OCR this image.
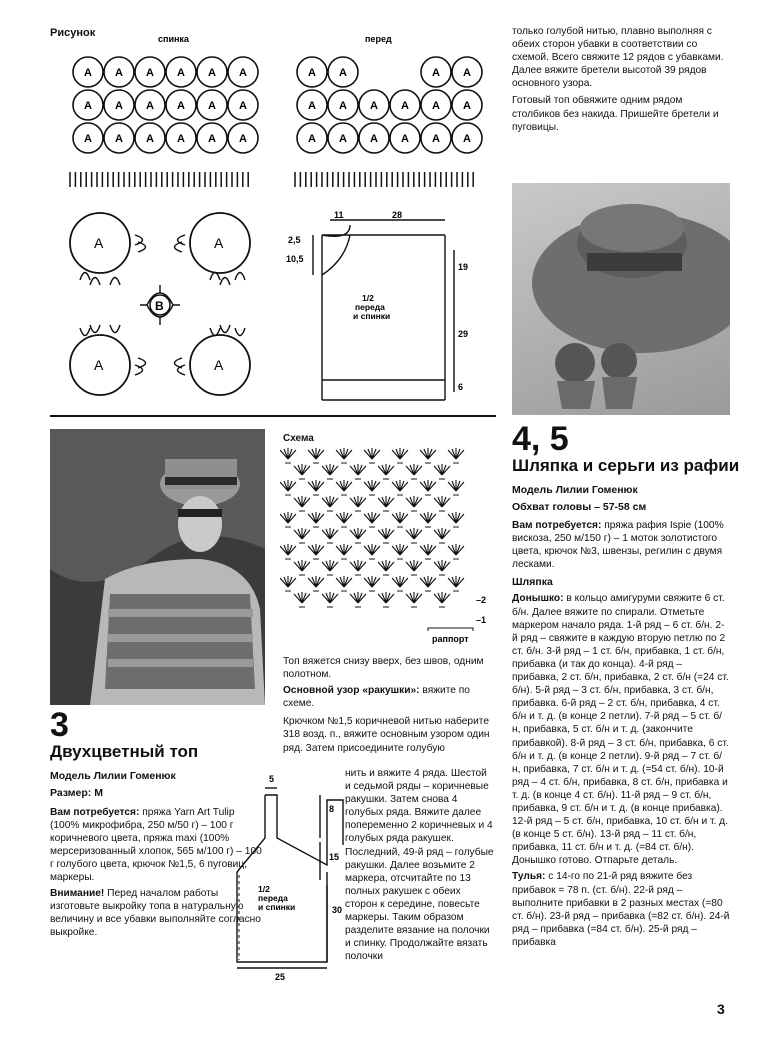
Рисунок	спинка	перед
A A A A A A
A A A A A A
A A A A A A
A A	A A
A A A A A A
A A A A A A
A	A
A	A
B
11	28
2,5
10,5
19
29
6
1/2 переда и спинки

только голубой нитью, плавно выполняя с обеих сторон убавки в соответствии со схемой. Всего свяжите 12 рядов с убавками. Далее вяжите бретели высотой 39 рядов основного узора.

Готовый топ обвяжите одним рядом столбиков без накида. Пришейте бретели и пуговицы.

3
Двухцветный топ
Модель Лилии Гоменюк
Размер: М

Вам потребуется: пряжа Yarn Art Tulip (100% микрофибра, 250 м/50 г) – 100 г коричневого цвета, пряжа maxi (100% мерсеризованный хлопок, 565 м/100 г) – 100 г голубого цвета, крючок №1,5, 6 пуговиц, маркеры.

Внимание! Перед началом работы изготовьте выкройку топа в натуральную величину и все убавки выполняйте согласно выкройке.

Схема
–2
–1
раппорт

Топ вяжется снизу вверх, без швов, одним полотном.

Основной узор «ракушки»: вяжите по схеме.

Крючком №1,5 коричневой нитью наберите 318 возд. п., вяжите основным узором один ряд. Затем присоедините голубую

нить и вяжите 4 ряда. Шестой и седьмой ряды – коричневые ракушки. Затем снова 4 голубых ряда. Вяжите далее попеременно 2 коричневых и 4 голубых ряда ракушек. Последний, 49-й ряд – голубые ракушки. Далее возьмите 2 маркера, отсчитайте по 13 полных ракушек с обеих сторон к середине, повесьте маркеры. Таким образом разделите вязание на полочки и спинку. Продолжайте вязать полочки

5
8
15
30
25
1/2 переда и спинки
4, 5
Шляпка и серьги из рафии
Модель Лилии Гоменюк
Обхват головы – 57-58 см

Вам потребуется: пряжа рафия Ispie (100% вискоза, 250 м/150 г) – 1 моток золотистого цвета, крючок №3, швензы, регилин с двумя лесками.

Шляпка

Донышко: в кольцо амигуруми свяжите 6 ст. б/н. Далее вяжите по спирали. Отметьте маркером начало ряда. 1-й ряд – 6 ст. б/н. 2-й ряд – свяжите в каждую вторую петлю по 2 ст. б/н. 3-й ряд – 1 ст. б/н, прибавка, 1 ст. б/н, прибавка (и так до конца). 4-й ряд – прибавка, 2 ст. б/н, прибавка, 2 ст. б/н (=24 ст. б/н). 5-й ряд – 3 ст. б/н, прибавка, 3 ст. б/н, прибавка. 6-й ряд – 2 ст. б/н, прибавка, 4 ст. б/н и т. д. (в конце 2 петли). 7-й ряд – 5 ст. б/н, прибавка, 5 ст. б/н и т. д. (закончите прибавкой). 8-й ряд – 3 ст. б/н, прибавка, 6 ст. б/н и т. д. (в конце 2 петли). 9-й ряд – 7 ст. б/н, прибавка, 7 ст. б/н и т. д. (=54 ст. б/н). 10-й ряд – 4 ст. б/н, прибавка, 8 ст. б/н, прибавка и т. д. (в конце 4 ст. б/н). 11-й ряд – 9 ст. б/н, прибавка, 9 ст. б/н и т. д. (в конце прибавка). 12-й ряд – 5 ст. б/н, прибавка, 10 ст. б/н и т. д. (в конце 5 ст. б/н). 13-й ряд – 11 ст. б/н, прибавка, 11 ст. б/н и т. д. (=84 ст. б/н). Донышко готово. Отпарьте деталь.

Тулья: с 14-го по 21-й ряд вяжите без прибавок = 78 п. (ст. б/н). 22-й ряд – выполните прибавки в 2 разных местах (=80 ст. б/н). 23-й ряд – прибавка (=82 ст. б/н). 24-й ряд – прибавка (=84 ст. б/н). 25-й ряд – прибавка

3
